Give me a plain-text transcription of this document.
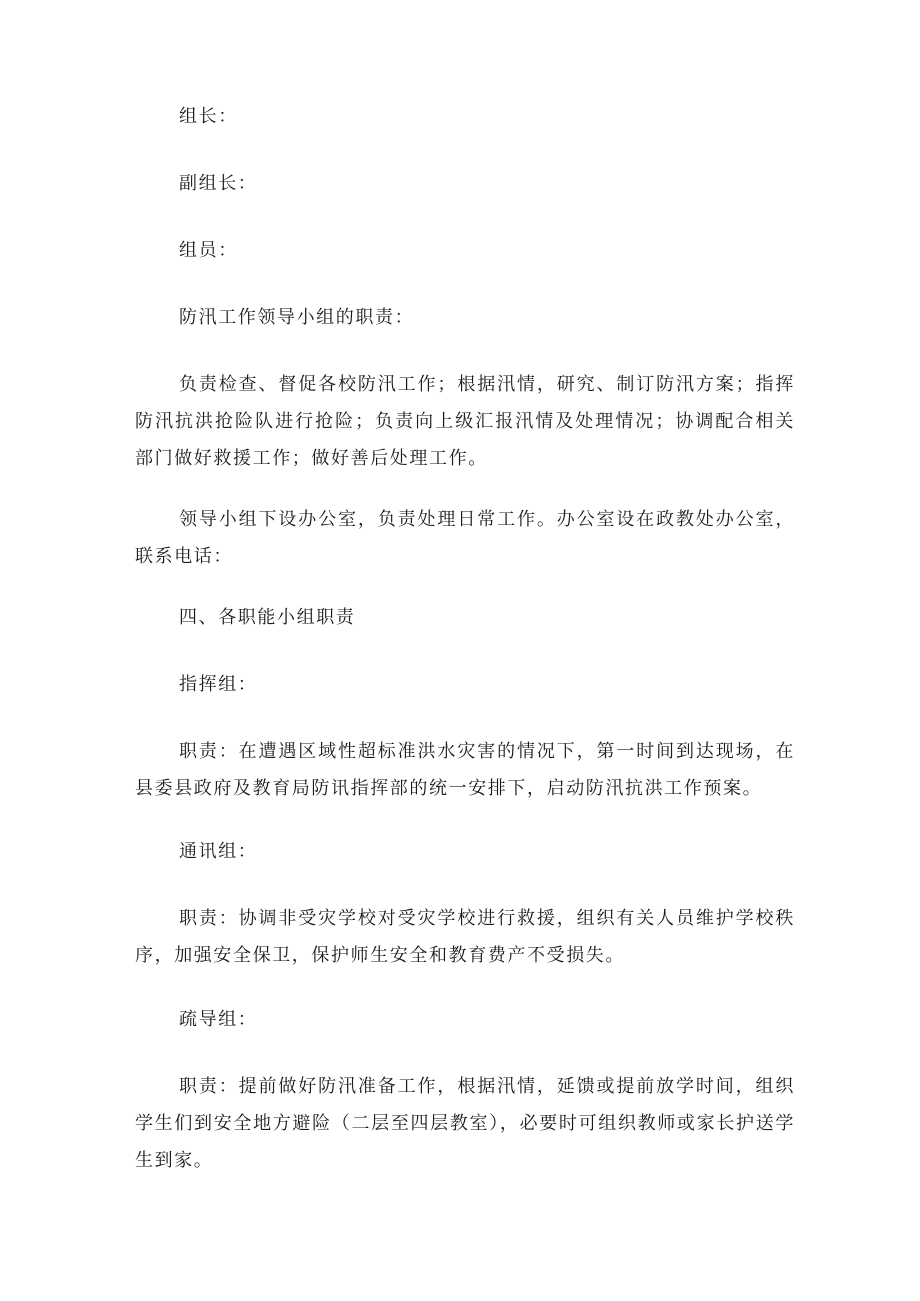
组长：

副组长：

组员：

防汛工作领导小组的职责：

负责检查、督促各校防汛工作；根据汛情，研究、制订防汛方案；指挥防汛抗洪抢险队进行抢险；负责向上级汇报汛情及处理情况；协调配合相关部门做好救援工作；做好善后处理工作。

领导小组下设办公室，负责处理日常工作。办公室设在政教处办公室，联系电话：

四、各职能小组职责

指挥组：

职责：在遭遇区域性超标准洪水灾害的情况下，第一时间到达现场，在县委县政府及教育局防讯指挥部的统一安排下，启动防汛抗洪工作预案。

通讯组：

职责：协调非受灾学校对受灾学校进行救援，组织有关人员维护学校秩序，加强安全保卫，保护师生安全和教育费产不受损失。

疏导组：

职责：提前做好防汛准备工作，根据汛情，延馈或提前放学时间，组织学生们到安全地方避险（二层至四层教室），必要时可组织教师或家长护送学生到家。
